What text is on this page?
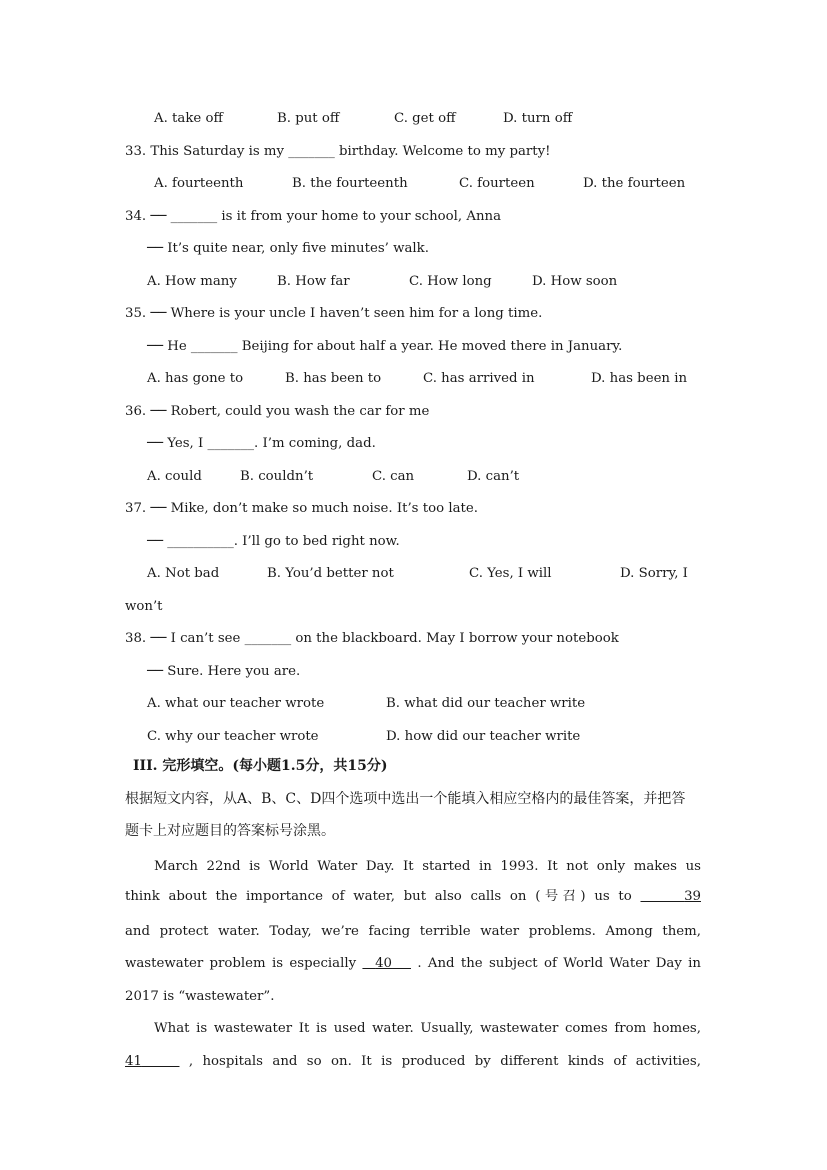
A. take off

	B. put off

	C. get off

	D. turn off

33. This Saturday is my _______ birthday. Welcome to my party!

A. fourteenth

	B. the fourteenth

	C. fourteen

	D. the fourteen

34. ── _______ is it from your home to your school, Anna
── It’s quite near, only five minutes’ walk.

A. How many

	B. How far

	C. How long

	D. How soon

35. ── Where is your uncle I haven’t seen him for a long time.
── He _______ Beijing for about half a year. He moved there in January.

A. has gone to

	B. has been to

	C. has arrived in

	D. has been in

36. ── Robert, could you wash the car for me
── Yes, I _______. I’m coming, dad.

A. could

	B. couldn’t

	C. can

	D. can’t

37. ── Mike, don’t make so much noise. It’s too late.
── __________. I’ll go to bed right now.

A. Not bad

	B. You’d better not

	C. Yes, I will

	D. Sorry, I

won’t
38. ── I can’t see _______ on the blackboard. May I borrow your notebook
── Sure. Here you are.

A. what our teacher wrote

	B. what did our teacher write

C. why our teacher wrote

	D. how did our teacher write

III. 完形填空。(每小题1.5分，共15分)
根据短文内容，从A、B、C、D四个选项中选出一个能填入相应空格内的最佳答案，并把答
题卡上对应题目的答案标号涂黑。
March 22nd is World Water Day. It started in 1993. It not only makes us
think about the importance of water, but also calls on (号召) us to	39
and protect water. Today, we’re facing terrible water problems. Among them,
wastewater problem is especially 40 . And the subject of World Water Day in
2017 is “wastewater”.
What is wastewater It is used water. Usually, wastewater comes from homes,
41	, hospitals and so on. It is produced by different kinds of activities,
